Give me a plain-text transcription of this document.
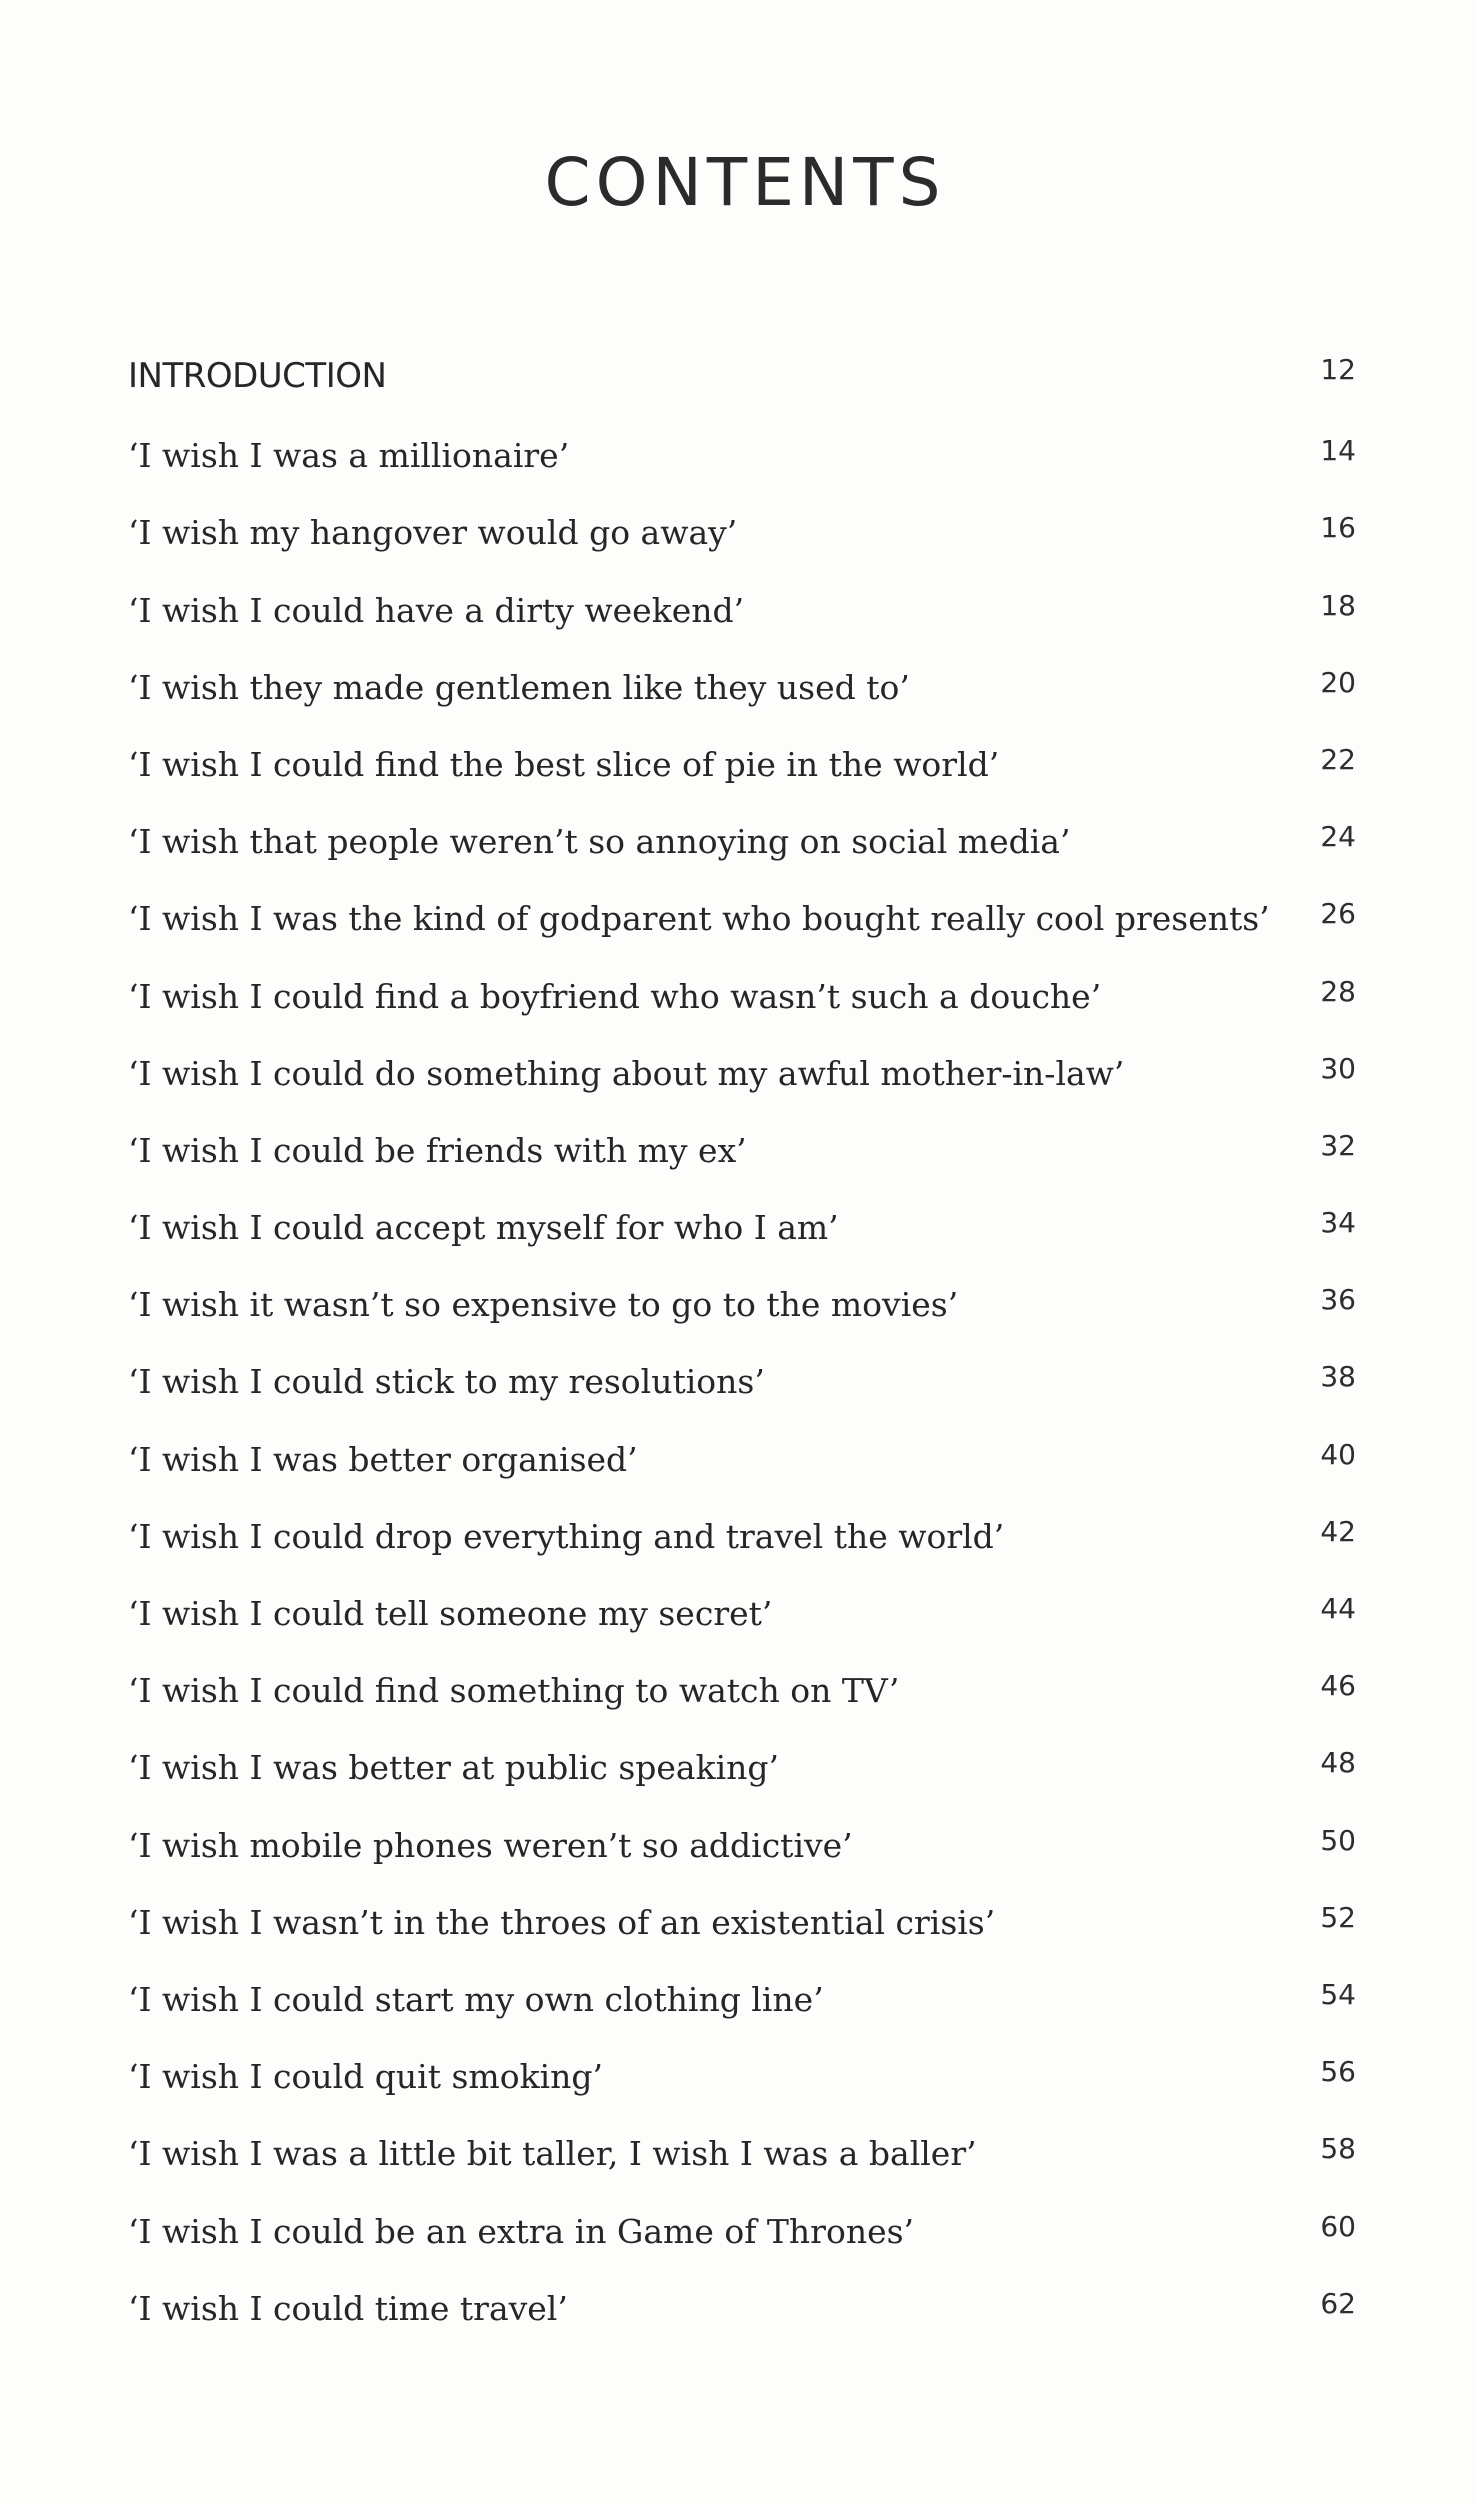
CONTENTS
INTRODUCTION	12
‘I wish I was a millionaire’	14
‘I wish my hangover would go away’	16
‘I wish I could have a dirty weekend’	18
‘I wish they made gentlemen like they used to’	20
‘I wish I could find the best slice of pie in the world’	22
‘I wish that people weren’t so annoying on social media’	24
‘I wish I was the kind of godparent who bought really cool presents’ 26
‘I wish I could find a boyfriend who wasn’t such a douche’	28
‘I wish I could do something about my awful mother-in-law’	30
‘I wish I could be friends with my ex’	32
‘I wish I could accept myself for who I am’	34
‘I wish it wasn’t so expensive to go to the movies’	36
‘I wish I could stick to my resolutions’	38
‘I wish I was better organised’	40
‘I wish I could drop everything and travel the world’	42
‘I wish I could tell someone my secret’	44
‘I wish I could find something to watch on TV’	46
‘I wish I was better at public speaking’	48
‘I wish mobile phones weren’t so addictive’	50
‘I wish I wasn’t in the throes of an existential crisis’	52
‘I wish I could start my own clothing line’	54
‘I wish I could quit smoking’	56
‘I wish I was a little bit taller, I wish I was a baller’	58
‘I wish I could be an extra in Game of Thrones’	60
‘I wish I could time travel’	62
